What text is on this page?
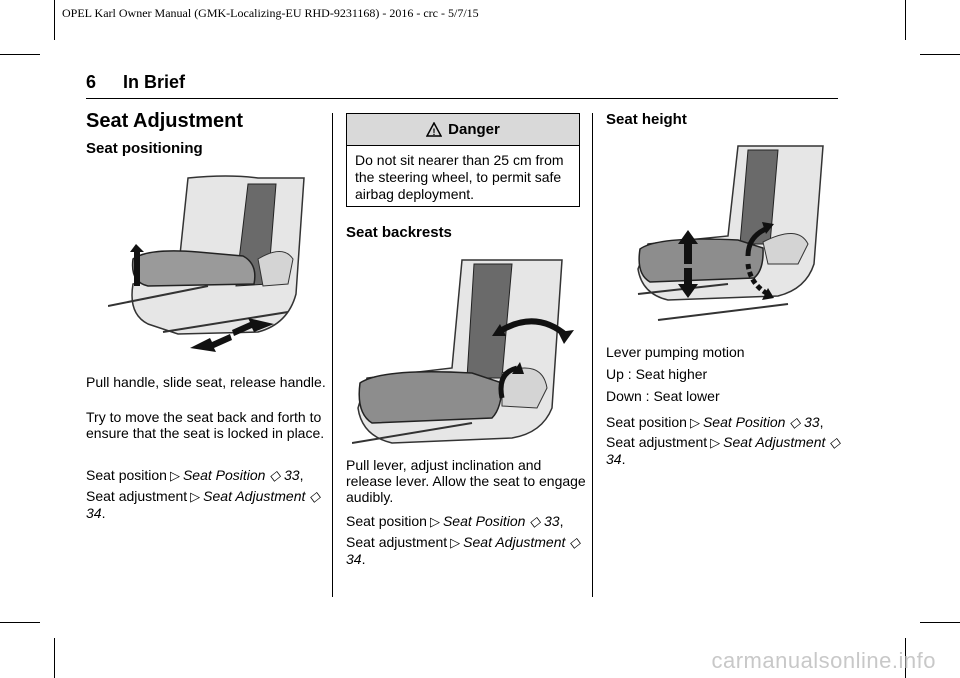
OPEL Karl Owner Manual (GMK-Localizing-EU RHD-9231168) - 2016 - crc - 5/7/15
6 In Brief
Seat Adjustment
Seat positioning

Pull handle, slide seat, release handle.

Try to move the seat back and forth to ensure that the seat is locked in place.

Seat position ▷ Seat Position ◇ 33,

Seat adjustment ▷ Seat Adjustment ◇ 34.

! Danger
Do not sit nearer than 25 cm from the steering wheel, to permit safe airbag deployment.
Seat backrests

Pull lever, adjust inclination and release lever. Allow the seat to engage audibly.

Seat position ▷ Seat Position ◇ 33,

Seat adjustment ▷ Seat Adjustment ◇ 34.

Seat height

Lever pumping motion

Up : Seat higher

Down : Seat lower

Seat position ▷ Seat Position ◇ 33,

Seat adjustment ▷ Seat Adjustment ◇ 34.

carmanualsonline.info
